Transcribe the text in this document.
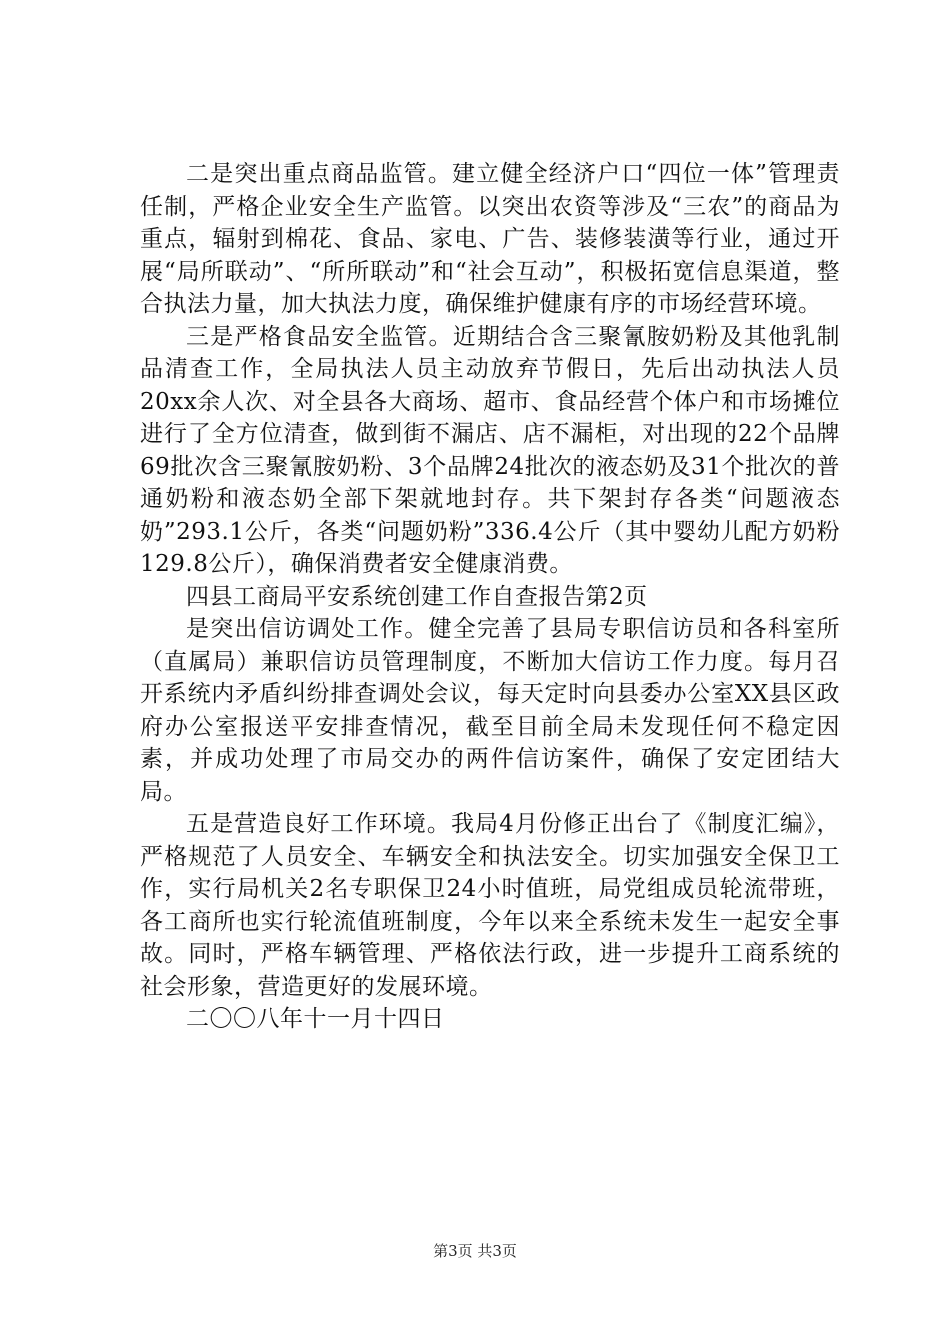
二是突出重点商品监管。建立健全经济户口“四位一体”管理责任制，严格企业安全生产监管。以突出农资等涉及“三农”的商品为重点，辐射到棉花、食品、家电、广告、装修装潢等行业，通过开展“局所联动”、“所所联动”和“社会互动”，积极拓宽信息渠道，整合执法力量，加大执法力度，确保维护健康有序的市场经营环境。

三是严格食品安全监管。近期结合含三聚氰胺奶粉及其他乳制品清查工作，全局执法人员主动放弃节假日，先后出动执法人员20xx余人次、对全县各大商场、超市、食品经营个体户和市场摊位进行了全方位清查，做到街不漏店、店不漏柜，对出现的22个品牌69批次含三聚氰胺奶粉、3个品牌24批次的液态奶及31个批次的普通奶粉和液态奶全部下架就地封存。共下架封存各类“问题液态奶”293.1公斤，各类“问题奶粉”336.4公斤（其中婴幼儿配方奶粉129.8公斤），确保消费者安全健康消费。

四县工商局平安系统创建工作自查报告第2页

是突出信访调处工作。健全完善了县局专职信访员和各科室所（直属局）兼职信访员管理制度，不断加大信访工作力度。每月召开系统内矛盾纠纷排查调处会议，每天定时向县委办公室XX县区政府办公室报送平安排查情况，截至目前全局未发现任何不稳定因素，并成功处理了市局交办的两件信访案件，确保了安定团结大局。

五是营造良好工作环境。我局4月份修正出台了《制度汇编》，严格规范了人员安全、车辆安全和执法安全。切实加强安全保卫工作，实行局机关2名专职保卫24小时值班，局党组成员轮流带班，各工商所也实行轮流值班制度，今年以来全系统未发生一起安全事故。同时，严格车辆管理、严格依法行政，进一步提升工商系统的社会形象，营造更好的发展环境。

二〇〇八年十一月十四日

第3页 共3页
